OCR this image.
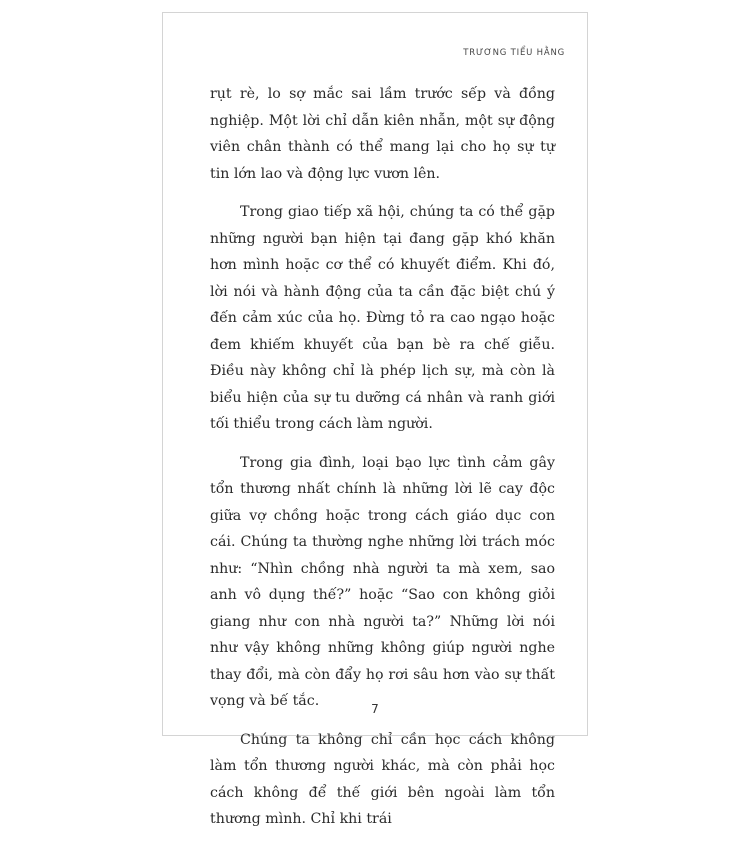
TRƯƠNG TIỂU HẰNG

rụt rè, lo sợ mắc sai lầm trước sếp và đồng nghiệp. Một lời chỉ dẫn kiên nhẫn, một sự động viên chân thành có thể mang lại cho họ sự tự tin lớn lao và động lực vươn lên.

Trong giao tiếp xã hội, chúng ta có thể gặp những người bạn hiện tại đang gặp khó khăn hơn mình hoặc cơ thể có khuyết điểm. Khi đó, lời nói và hành động của ta cần đặc biệt chú ý đến cảm xúc của họ. Đừng tỏ ra cao ngạo hoặc đem khiếm khuyết của bạn bè ra chế giễu. Điều này không chỉ là phép lịch sự, mà còn là biểu hiện của sự tu dưỡng cá nhân và ranh giới tối thiểu trong cách làm người.

Trong gia đình, loại bạo lực tình cảm gây tổn thương nhất chính là những lời lẽ cay độc giữa vợ chồng hoặc trong cách giáo dục con cái. Chúng ta thường nghe những lời trách móc như: “Nhìn chồng nhà người ta mà xem, sao anh vô dụng thế?” hoặc “Sao con không giỏi giang như con nhà người ta?” Những lời nói như vậy không những không giúp người nghe thay đổi, mà còn đẩy họ rơi sâu hơn vào sự thất vọng và bế tắc.

Chúng ta không chỉ cần học cách không làm tổn thương người khác, mà còn phải học cách không để thế giới bên ngoài làm tổn thương mình. Chỉ khi trái

7
